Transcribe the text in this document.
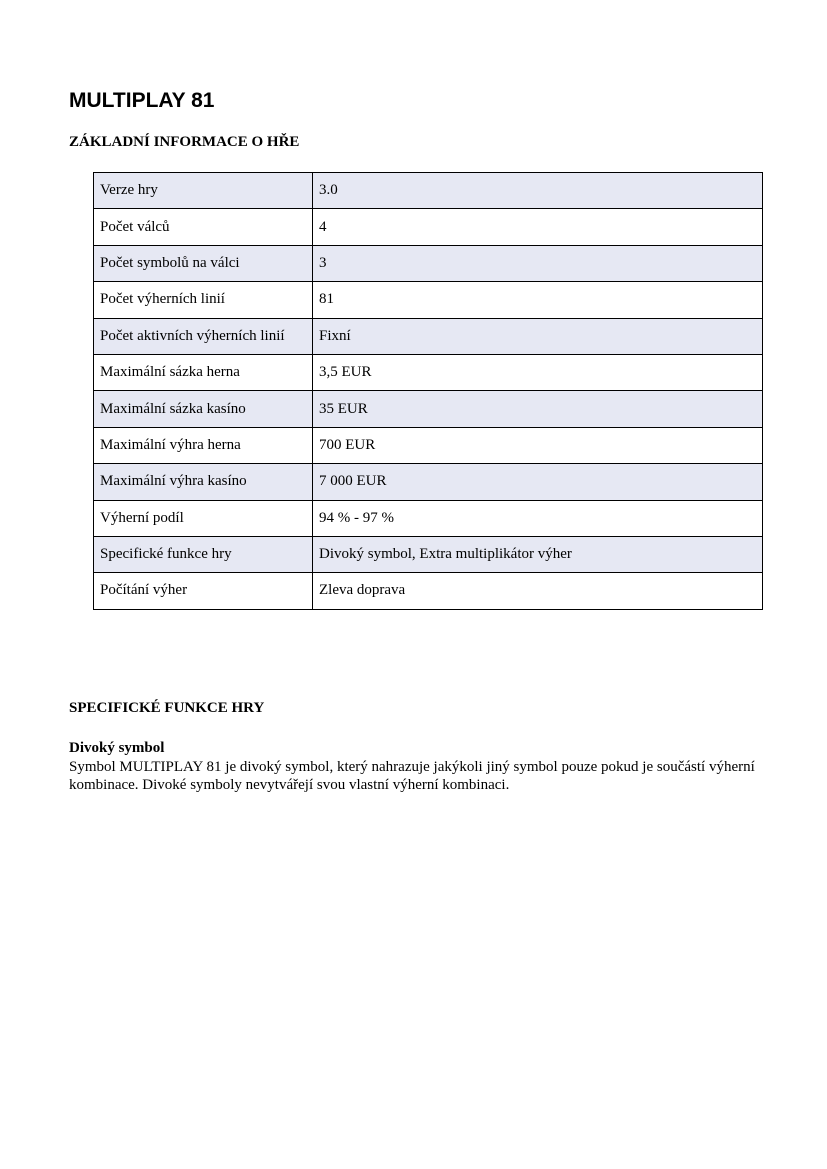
MULTIPLAY 81
ZÁKLADNÍ INFORMACE O HŘE
Verze hry	3.0
Počet válců	4
Počet symbolů na válci	3
Počet výherních linií	81
Počet aktivních výherních linií	Fixní
Maximální sázka herna	3,5 EUR
Maximální sázka kasíno	35 EUR
Maximální výhra herna	700 EUR
Maximální výhra kasíno	7 000 EUR
Výherní podíl	94 % - 97 %
Specifické funkce hry	Divoký symbol, Extra multiplikátor výher
Počítání výher	Zleva doprava
SPECIFICKÉ FUNKCE HRY
Divoký symbol

Symbol MULTIPLAY 81 je divoký symbol, který nahrazuje jakýkoli jiný symbol pouze pokud je součástí výherní kombinace. Divoké symboly nevytvářejí svou vlastní výherní kombinaci.
